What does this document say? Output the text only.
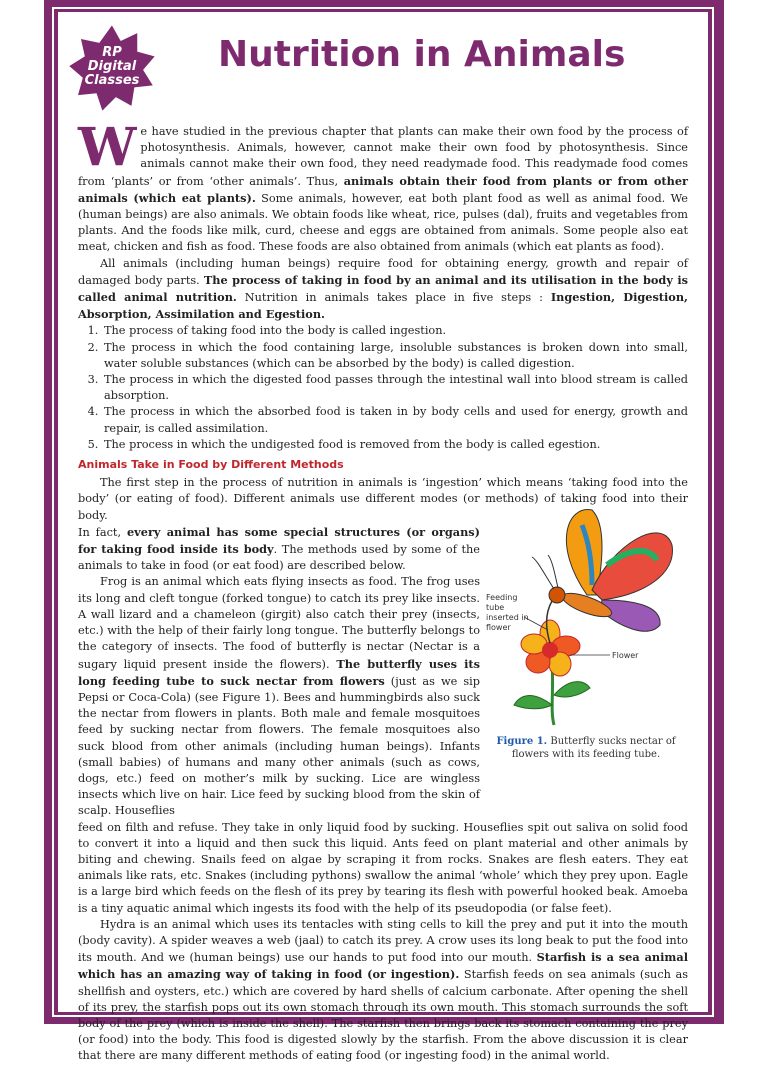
RP
Digital
Classes
Nutrition in Animals

We have studied in the previous chapter that plants can make their own food by the process of photosynthesis. Animals, however, cannot make their own food by photosynthesis. Since animals cannot make their own food, they need readymade food. This readymade food comes from ‘plants’ or from ‘other animals’. Thus, animals obtain their food from plants or from other animals (which eat plants). Some animals, however, eat both plant food as well as animal food. We (human beings) are also animals. We obtain foods like wheat, rice, pulses (dal), fruits and vegetables from plants. And the foods like milk, curd, cheese and eggs are obtained from animals. Some people also eat meat, chicken and fish as food. These foods are also obtained from animals (which eat plants as food).

All animals (including human beings) require food for obtaining energy, growth and repair of damaged body parts. The process of taking in food by an animal and its utilisation in the body is called animal nutrition. Nutrition in animals takes place in five steps : Ingestion, Digestion, Absorption, Assimilation and Egestion.

1. The process of taking food into the body is called ingestion.
2. The process in which the food containing large, insoluble substances is broken down into small, water soluble substances (which can be absorbed by the body) is called digestion.
3. The process in which the digested food passes through the intestinal wall into blood stream is called absorption.
4. The process in which the absorbed food is taken in by body cells and used for energy, growth and repair, is called assimilation.
5. The process in which the undigested food is removed from the body is called egestion.
Animals Take in Food by Different Methods

The first step in the process of nutrition in animals is ‘ingestion’ which means ‘taking food into the body’ (or eating of food). Different animals use different modes (or methods) of taking food into their body.

In fact, every animal has some special structures (or organs) for taking food inside its body. The methods used by some of the animals to take in food (or eat food) are described below.

Frog is an animal which eats flying insects as food. The frog uses its long and cleft tongue (forked tongue) to catch its prey like insects. A wall lizard and a chameleon (girgit) also catch their prey (insects, etc.) with the help of their fairly long tongue. The butterfly belongs to the category of insects. The food of butterfly is nectar (Nectar is a sugary liquid present inside the flowers). The butterfly uses its long feeding tube to suck nectar from flowers (just as we sip Pepsi or Coca-Cola) (see Figure 1). Bees and hummingbirds also suck the nectar from flowers in plants. Both male and female mosquitoes feed by sucking nectar from flowers. The female mosquitoes also suck blood from other animals (including human beings). Infants (small babies) of humans and many other animals (such as cows, dogs, etc.) feed on mother’s milk by sucking. Lice are wingless insects which live on hair. Lice feed by sucking blood from the skin of scalp. Houseflies

feed on filth and refuse. They take in only liquid food by sucking. Houseflies spit out saliva on solid food to convert it into a liquid and then suck this liquid. Ants feed on plant material and other animals by biting and chewing. Snails feed on algae by scraping it from rocks. Snakes are flesh eaters. They eat animals like rats, etc. Snakes (including pythons) swallow the animal ‘whole’ which they prey upon. Eagle is a large bird which feeds on the flesh of its prey by tearing its flesh with powerful hooked beak. Amoeba is a tiny aquatic animal which ingests its food with the help of its pseudopodia (or false feet).

Hydra is an animal which uses its tentacles with sting cells to kill the prey and put it into the mouth (body cavity). A spider weaves a web (jaal) to catch its prey. A crow uses its long beak to put the food into its mouth. And we (human beings) use our hands to put food into our mouth. Starfish is a sea animal which has an amazing way of taking in food (or ingestion). Starfish feeds on sea animals (such as shellfish and oysters, etc.) which are covered by hard shells of calcium carbonate. After opening the shell of its prey, the starfish pops out its own stomach through its own mouth. This stomach surrounds the soft body of the prey (which is inside the shell). The starfish then brings back its stomach containing the prey (or food) into the body. This food is digested slowly by the starfish. From the above discussion it is clear that there are many different methods of eating food (or ingesting food) in the animal world.

Feeding tube inserted in flower
Flower
Figure 1. Butterfly sucks nectar of flowers with its feeding tube.
